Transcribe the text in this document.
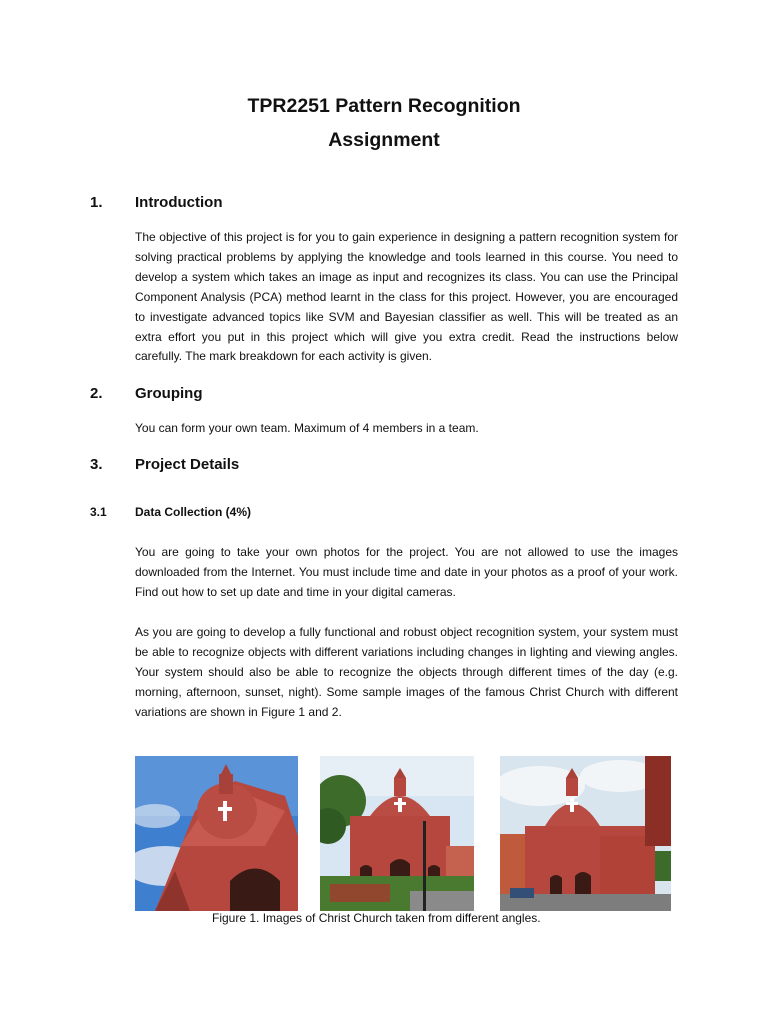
TPR2251 Pattern Recognition
Assignment
1. Introduction

The objective of this project is for you to gain experience in designing a pattern recognition system for solving practical problems by applying the knowledge and tools learned in this course. You need to develop a system which takes an image as input and recognizes its class. You can use the Principal Component Analysis (PCA) method learnt in the class for this project. However, you are encouraged to investigate advanced topics like SVM and Bayesian classifier as well. This will be treated as an extra effort you put in this project which will give you extra credit. Read the instructions below carefully. The mark breakdown for each activity is given.

2. Grouping

You can form your own team. Maximum of 4 members in a team.

3. Project Details
3.1 Data Collection (4%)

You are going to take your own photos for the project. You are not allowed to use the images downloaded from the Internet. You must include time and date in your photos as a proof of your work. Find out how to set up date and time in your digital cameras.

As you are going to develop a fully functional and robust object recognition system, your system must be able to recognize objects with different variations including changes in lighting and viewing angles. Your system should also be able to recognize the objects through different times of the day (e.g. morning, afternoon, sunset, night). Some sample images of the famous Christ Church with different variations are shown in Figure 1 and 2.

Figure 1. Images of Christ Church taken from different angles.
